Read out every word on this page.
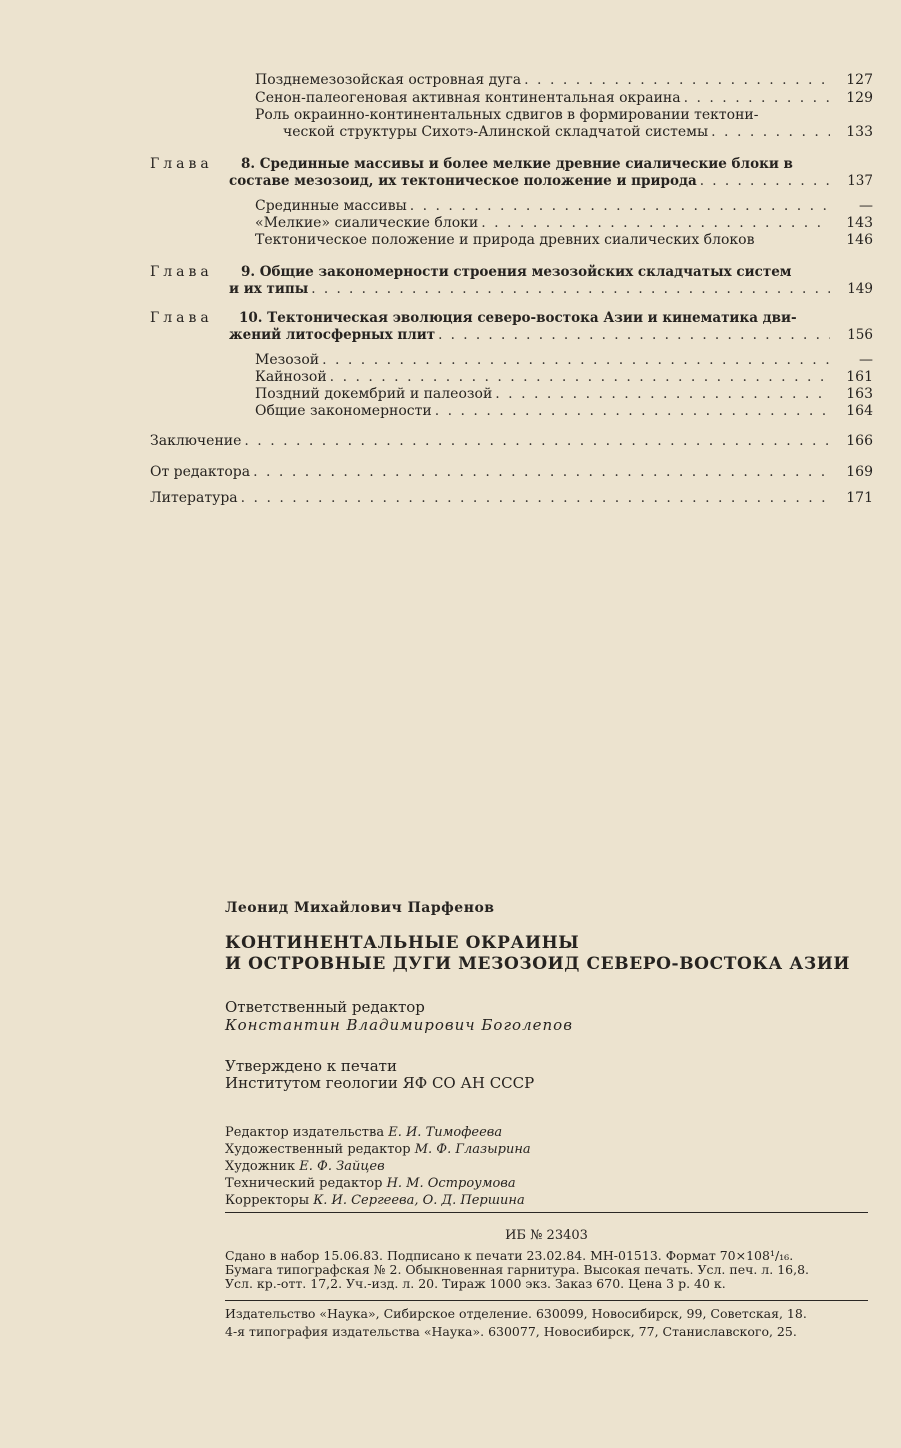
Позднемезозойская островная дуга . . .	127
Сенон-палеогеновая активная континентальная окраина . . .	129
Роль окраинно-континентальных сдвигов в формировании тектони-
ческой структуры Сихотэ-Алинской складчатой системы . . .	133
Глава 8. Срединные массивы и более мелкие древние сиалические блоки в
составе мезозоид, их тектоническое положение и природа . . .	137
Срединные массивы . . .	—
«Мелкие» сиалические блоки . . .	143
Тектоническое положение и природа древних сиалических блоков	146
Глава 9. Общие закономерности строения мезозойских складчатых систем
и их типы . . .	149
Глава 10. Тектоническая эволюция северо-востока Азии и кинематика дви-
жений литосферных плит . . .	156
Мезозой . . .	—
Кайнозой . . .	161
Поздний докембрий и палеозой . . .	163
Общие закономерности . . .	164
Заключение . . .	166
От редактора . . .	169
Литература . . .	171
Леонид Михайлович Парфенов
КОНТИНЕНТАЛЬНЫЕ ОКРАИНЫ
И ОСТРОВНЫЕ ДУГИ МЕЗОЗОИД СЕВЕРО-ВОСТОКА АЗИИ
Ответственный редактор
Константин Владимирович Боголепов
Утверждено к печати
Институтом геологии ЯФ СО АН СССР
Редактор издательства Е. И. Тимофеева
Художественный редактор М. Ф. Глазырина
Художник Е. Ф. Зайцев
Технический редактор Н. М. Остроумова
Корректоры К. И. Сергеева, О. Д. Першина
ИБ № 23403
Сдано в набор 15.06.83. Подписано к печати 23.02.84. МН-01513. Формат 70×108¹/₁₆.
Бумага типографская № 2. Обыкновенная гарнитура. Высокая печать. Усл. печ. л. 16,8.
Усл. кр.-отт. 17,2. Уч.-изд. л. 20. Тираж 1000 экз. Заказ 670. Цена 3 р. 40 к.
Издательство «Наука», Сибирское отделение. 630099, Новосибирск, 99, Советская, 18.
4-я типография издательства «Наука». 630077, Новосибирск, 77, Станиславского, 25.
